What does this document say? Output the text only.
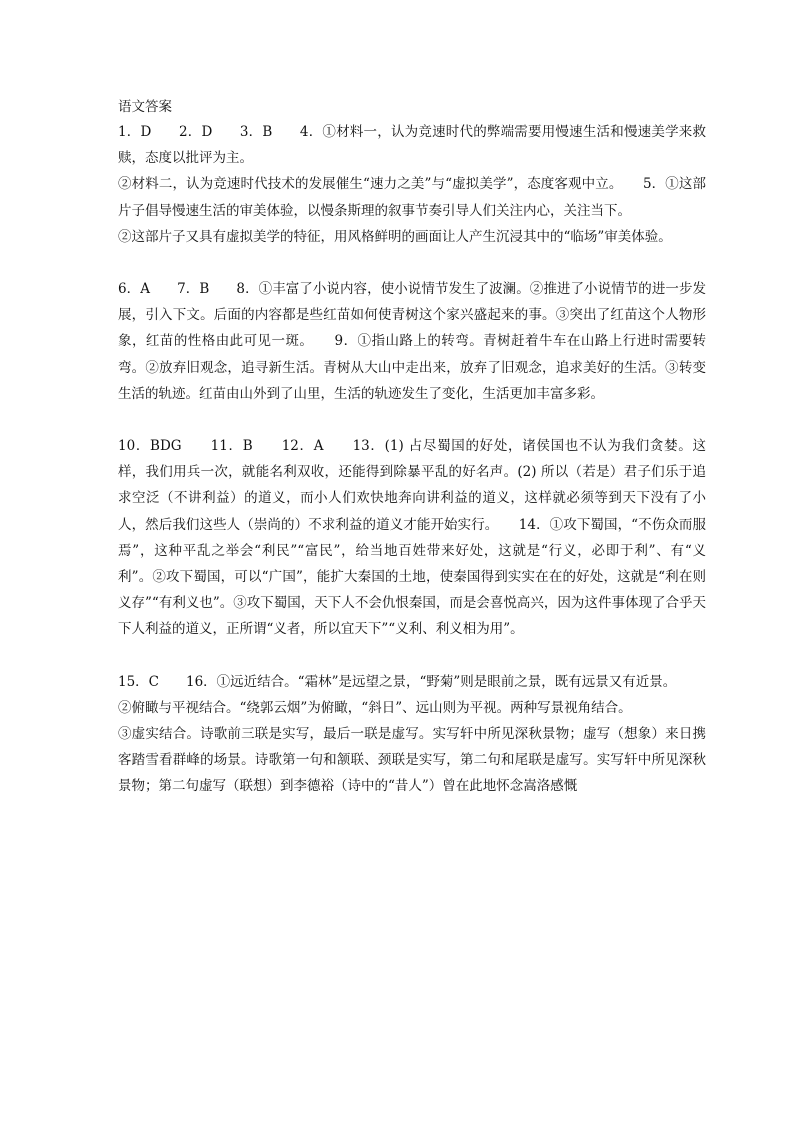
语文答案

1．D　　2．D　　3．B　　4．①材料一，认为竞速时代的弊端需要用慢速生活和慢速美学来救赎，态度以批评为主。

②材料二，认为竞速时代技术的发展催生“速力之美”与“虚拟美学”，态度客观中立。　　5．①这部片子倡导慢速生活的审美体验，以慢条斯理的叙事节奏引导人们关注内心，关注当下。

②这部片子又具有虚拟美学的特征，用风格鲜明的画面让人产生沉浸其中的“临场”审美体验。

6．A　　7．B　　8．①丰富了小说内容，使小说情节发生了波澜。②推进了小说情节的进一步发展，引入下文。后面的内容都是些红苗如何使青树这个家兴盛起来的事。③突出了红苗这个人物形象，红苗的性格由此可见一斑。　　9．①指山路上的转弯。青树赶着牛车在山路上行进时需要转弯。②放弃旧观念，追寻新生活。青树从大山中走出来，放弃了旧观念，追求美好的生活。③转变生活的轨迹。红苗由山外到了山里，生活的轨迹发生了变化，生活更加丰富多彩。

10．BDG　　11．B　　12．A　　13．(1) 占尽蜀国的好处，诸侯国也不认为我们贪婪。这样，我们用兵一次，就能名利双收，还能得到除暴平乱的好名声。(2) 所以（若是）君子们乐于追求空泛（不讲利益）的道义，而小人们欢快地奔向讲利益的道义，这样就必须等到天下没有了小人，然后我们这些人（崇尚的）不求利益的道义才能开始实行。　　14．①攻下蜀国，“不伤众而服焉”，这种平乱之举会“利民”“富民”，给当地百姓带来好处，这就是“行义，必即于利”、有“义利”。②攻下蜀国，可以“广国”，能扩大秦国的土地，使秦国得到实实在在的好处，这就是“利在则义存”“有利义也”。③攻下蜀国，天下人不会仇恨秦国，而是会喜悦高兴，因为这件事体现了合乎天下人利益的道义，正所谓“义者，所以宜天下”“义利、利义相为用”。

15．C　　16．①远近结合。“霜林”是远望之景，“野菊”则是眼前之景，既有远景又有近景。

②俯瞰与平视结合。“绕郭云烟”为俯瞰，“斜日”、远山则为平视。两种写景视角结合。

③虚实结合。诗歌前三联是实写，最后一联是虚写。实写轩中所见深秋景物；虚写（想象）来日携客踏雪看群峰的场景。诗歌第一句和颔联、颈联是实写，第二句和尾联是虚写。实写轩中所见深秋景物；第二句虚写（联想）到李德裕（诗中的“昔人”）曾在此地怀念嵩洛感慨
